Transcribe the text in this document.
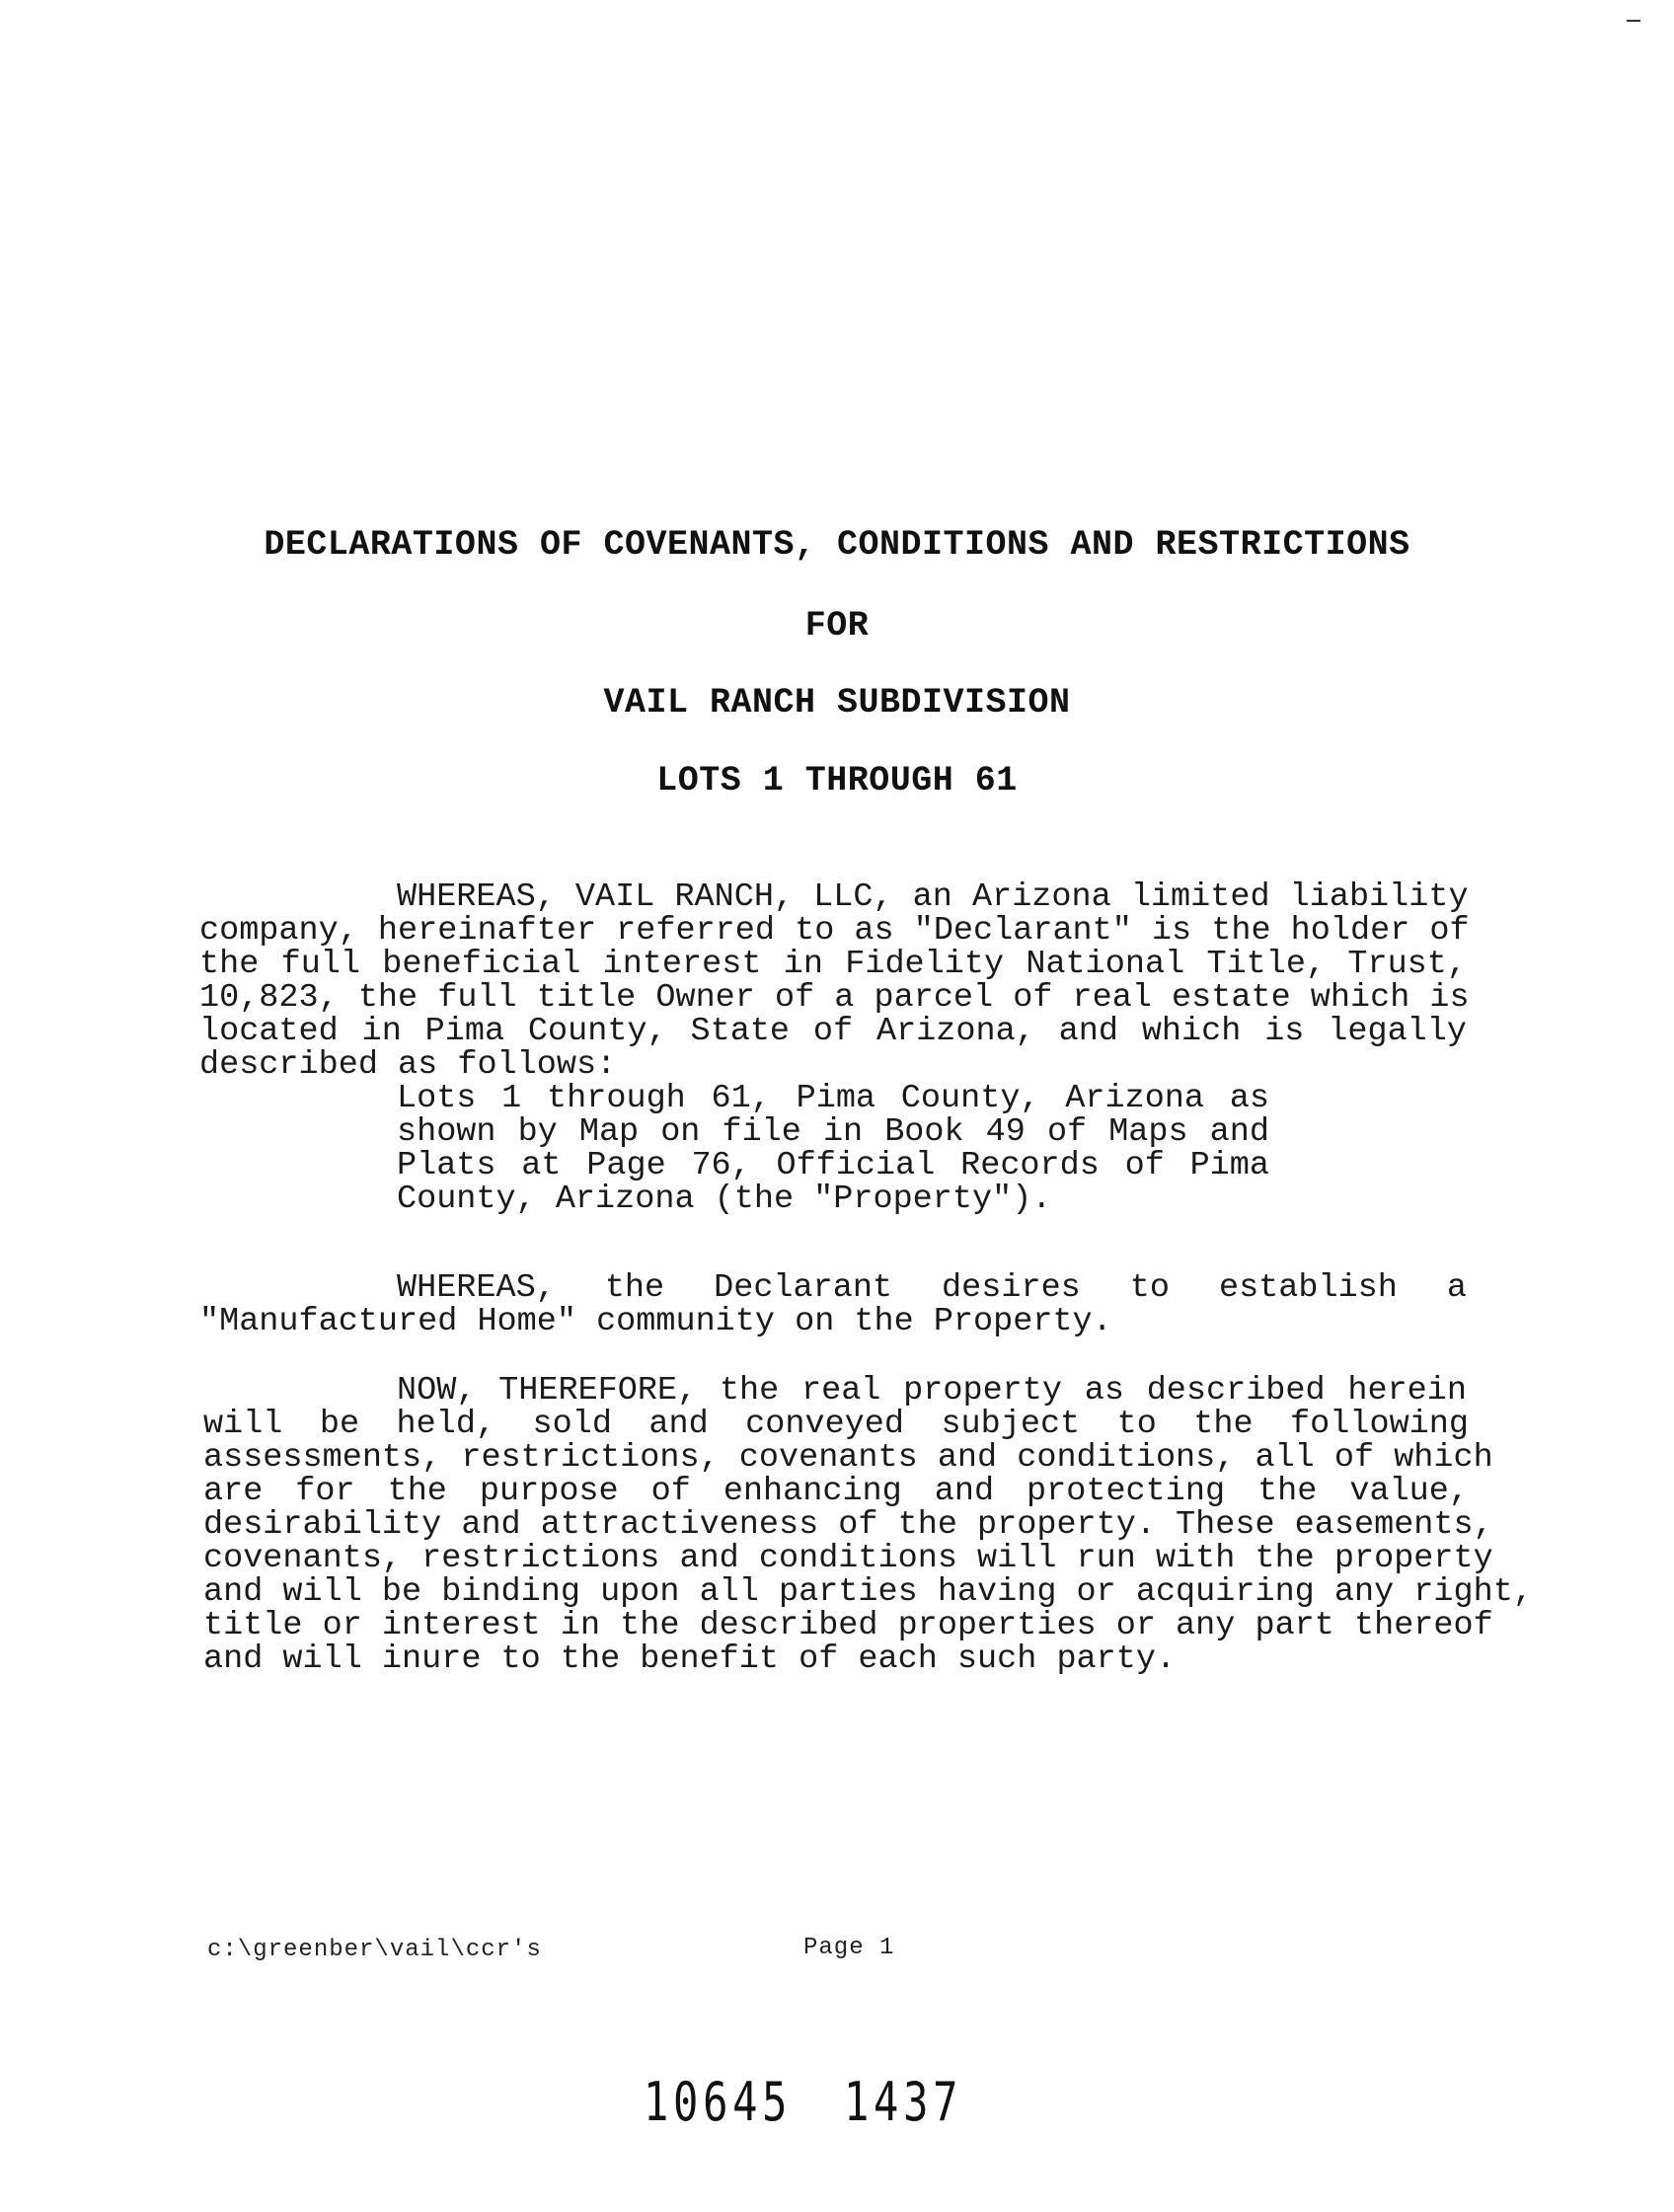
DECLARATIONS OF COVENANTS, CONDITIONS AND RESTRICTIONS
FOR
VAIL RANCH SUBDIVISION
LOTS 1 THROUGH 61
WHEREAS, VAIL RANCH, LLC, an Arizona limited liability
company, hereinafter referred to as "Declarant" is the holder of
the full beneficial interest in Fidelity National Title, Trust,
10,823, the full title Owner of a parcel of real estate which is
located in Pima County, State of Arizona, and which is legally
described as follows:
Lots 1 through 61, Pima County, Arizona as
shown by Map on file in Book 49 of Maps and
Plats at Page 76, Official Records of Pima
County, Arizona (the "Property").
WHEREAS, the Declarant desires to establish a
"Manufactured Home" community on the Property.
NOW, THEREFORE, the real property as described herein
will be held, sold and conveyed subject to the following
assessments, restrictions, covenants and conditions, all of which
are for the purpose of enhancing and protecting the value,
desirability and attractiveness of the property. These easements,
covenants, restrictions and conditions will run with the property
and will be binding upon all parties having or acquiring any right,
title or interest in the described properties or any part thereof
and will inure to the benefit of each such party.
c:\greenber\vail\ccr's	Page 1
10645 1437
